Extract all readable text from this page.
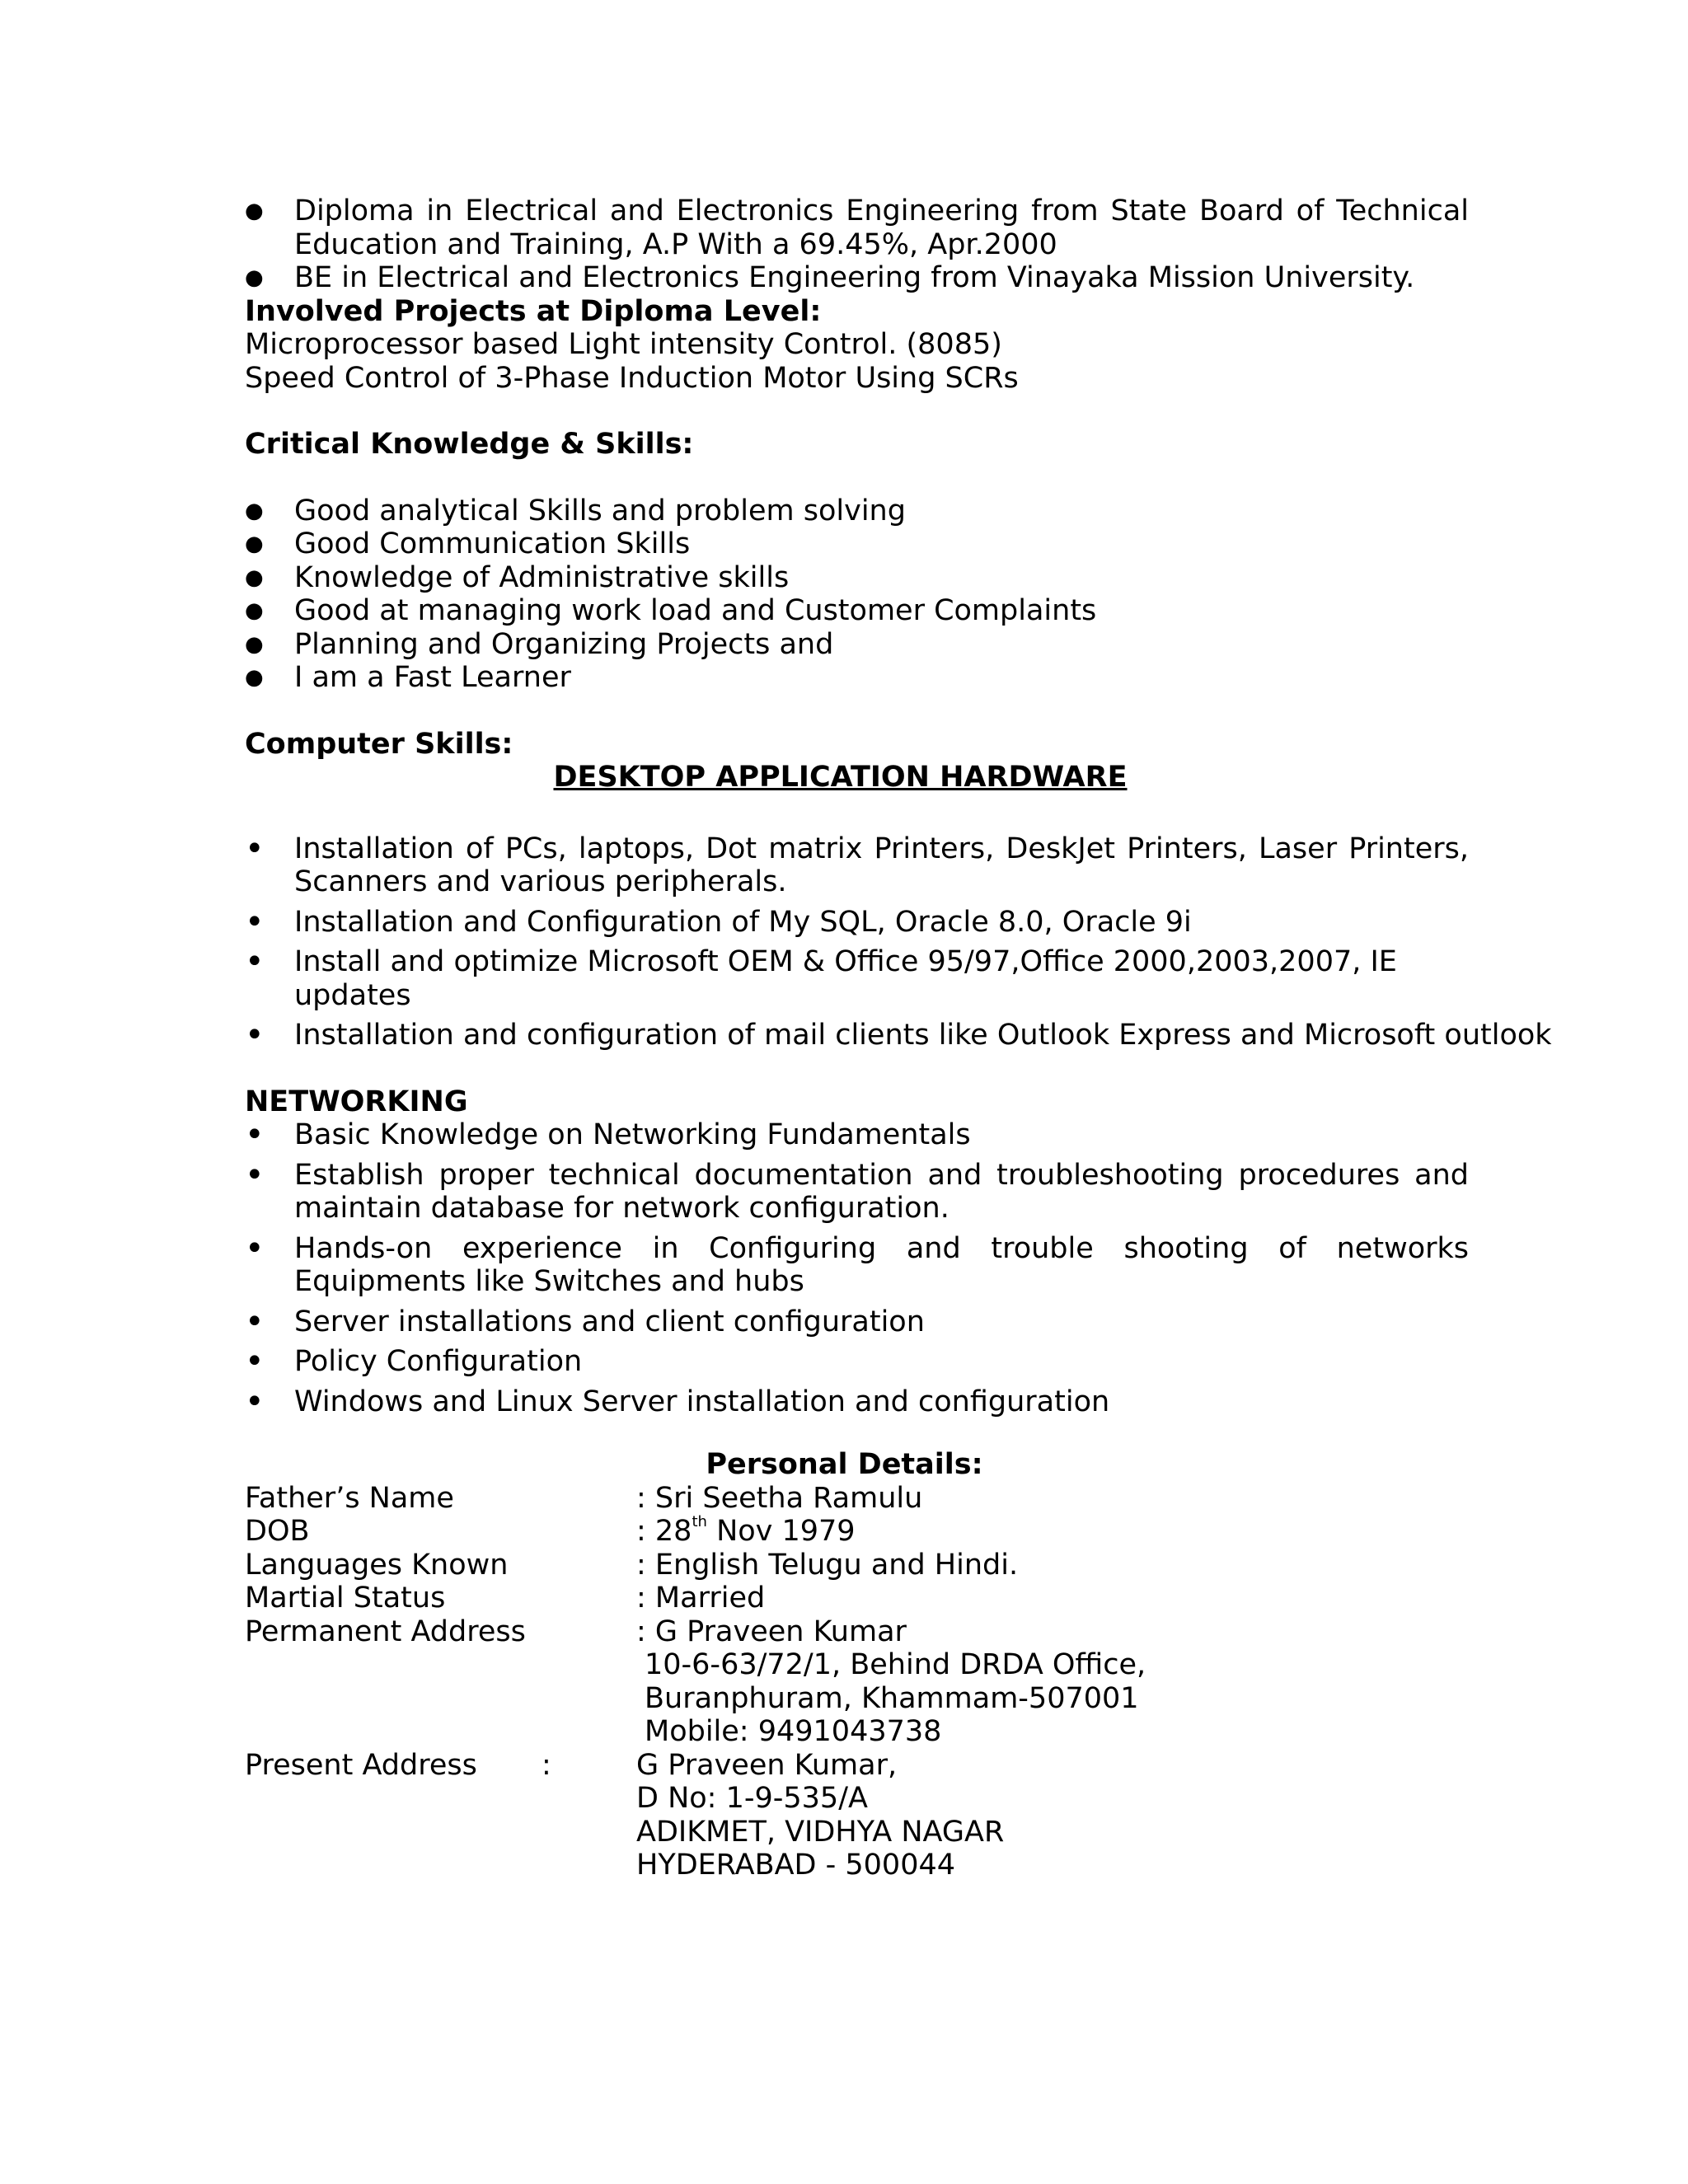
● Diploma in Electrical and Electronics Engineering from State Board of Technical Education and Training, A.P With a 69.45%, Apr.2000
● BE in Electrical and Electronics Engineering from Vinayaka Mission University.
Involved Projects at Diploma Level:
Microprocessor based Light intensity Control. (8085)
Speed Control of 3-Phase Induction Motor Using SCRs
Critical Knowledge & Skills:
● Good analytical Skills and problem solving
● Good Communication Skills
● Knowledge of Administrative skills
● Good at managing work load and Customer Complaints
● Planning and Organizing Projects and
● I am a Fast Learner
Computer Skills:
DESKTOP APPLICATION HARDWARE
• Installation of PCs, laptops, Dot matrix Printers, DeskJet Printers, Laser Printers, Scanners and various peripherals.
• Installation and Configuration of My SQL, Oracle 8.0, Oracle 9i
• Install and optimize Microsoft OEM & Office 95/97,Office 2000,2003,2007, IE updates
• Installation and configuration of mail clients like Outlook Express and Microsoft outlook
NETWORKING
• Basic Knowledge on Networking Fundamentals
• Establish proper technical documentation and troubleshooting procedures and maintain database for network configuration.
• Hands-on experience in Configuring and trouble shooting of networks Equipments like Switches and hubs
• Server installations and client configuration
• Policy Configuration
• Windows and Linux Server installation and configuration
Personal Details:
Father’s Name	: Sri Seetha Ramulu
DOB	: 28th Nov 1979
Languages Known	: English Telugu and Hindi.
Martial Status	: Married
Permanent Address	: G Praveen Kumar
10-6-63/72/1, Behind DRDA Office,
Buranphuram, Khammam-507001
Mobile: 9491043738
Present Address :	G Praveen Kumar,
D No: 1-9-535/A
ADIKMET, VIDHYA NAGAR
HYDERABAD - 500044
